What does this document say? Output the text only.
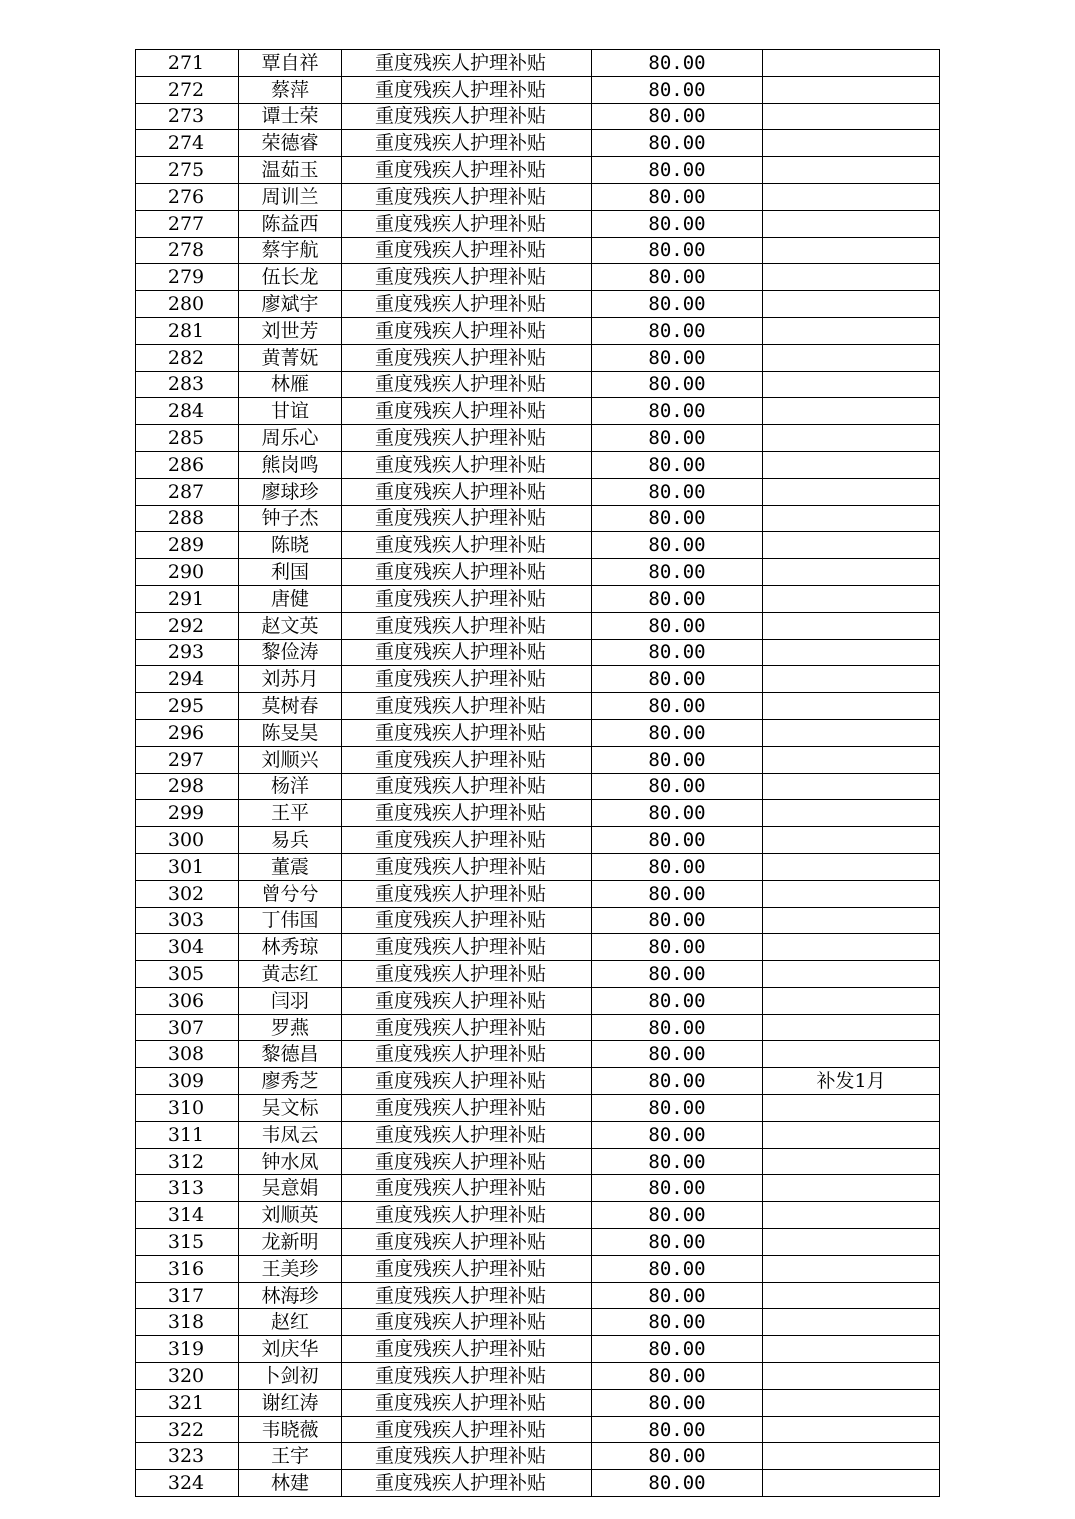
271	覃自祥	重度残疾人护理补贴	80.00	
272	蔡萍	重度残疾人护理补贴	80.00	
273	谭士荣	重度残疾人护理补贴	80.00	
274	荣德睿	重度残疾人护理补贴	80.00	
275	温茹玉	重度残疾人护理补贴	80.00	
276	周训兰	重度残疾人护理补贴	80.00	
277	陈益西	重度残疾人护理补贴	80.00	
278	蔡宇航	重度残疾人护理补贴	80.00	
279	伍长龙	重度残疾人护理补贴	80.00	
280	廖斌宇	重度残疾人护理补贴	80.00	
281	刘世芳	重度残疾人护理补贴	80.00	
282	黄菁妩	重度残疾人护理补贴	80.00	
283	林雁	重度残疾人护理补贴	80.00	
284	甘谊	重度残疾人护理补贴	80.00	
285	周乐心	重度残疾人护理补贴	80.00	
286	熊岗鸣	重度残疾人护理补贴	80.00	
287	廖球珍	重度残疾人护理补贴	80.00	
288	钟子杰	重度残疾人护理补贴	80.00	
289	陈晓	重度残疾人护理补贴	80.00	
290	利国	重度残疾人护理补贴	80.00	
291	唐健	重度残疾人护理补贴	80.00	
292	赵文英	重度残疾人护理补贴	80.00	
293	黎俭涛	重度残疾人护理补贴	80.00	
294	刘苏月	重度残疾人护理补贴	80.00	
295	莫树春	重度残疾人护理补贴	80.00	
296	陈旻昊	重度残疾人护理补贴	80.00	
297	刘顺兴	重度残疾人护理补贴	80.00	
298	杨洋	重度残疾人护理补贴	80.00	
299	王平	重度残疾人护理补贴	80.00	
300	易兵	重度残疾人护理补贴	80.00	
301	董震	重度残疾人护理补贴	80.00	
302	曾兮兮	重度残疾人护理补贴	80.00	
303	丁伟国	重度残疾人护理补贴	80.00	
304	林秀琼	重度残疾人护理补贴	80.00	
305	黄志红	重度残疾人护理补贴	80.00	
306	闫羽	重度残疾人护理补贴	80.00	
307	罗燕	重度残疾人护理补贴	80.00	
308	黎德昌	重度残疾人护理补贴	80.00	
309	廖秀芝	重度残疾人护理补贴	80.00	补发1月
310	吴文标	重度残疾人护理补贴	80.00	
311	韦凤云	重度残疾人护理补贴	80.00	
312	钟水凤	重度残疾人护理补贴	80.00	
313	吴意娟	重度残疾人护理补贴	80.00	
314	刘顺英	重度残疾人护理补贴	80.00	
315	龙新明	重度残疾人护理补贴	80.00	
316	王美珍	重度残疾人护理补贴	80.00	
317	林海珍	重度残疾人护理补贴	80.00	
318	赵红	重度残疾人护理补贴	80.00	
319	刘庆华	重度残疾人护理补贴	80.00	
320	卜剑初	重度残疾人护理补贴	80.00	
321	谢红涛	重度残疾人护理补贴	80.00	
322	韦晓薇	重度残疾人护理补贴	80.00	
323	王宇	重度残疾人护理补贴	80.00	
324	林建	重度残疾人护理补贴	80.00	
